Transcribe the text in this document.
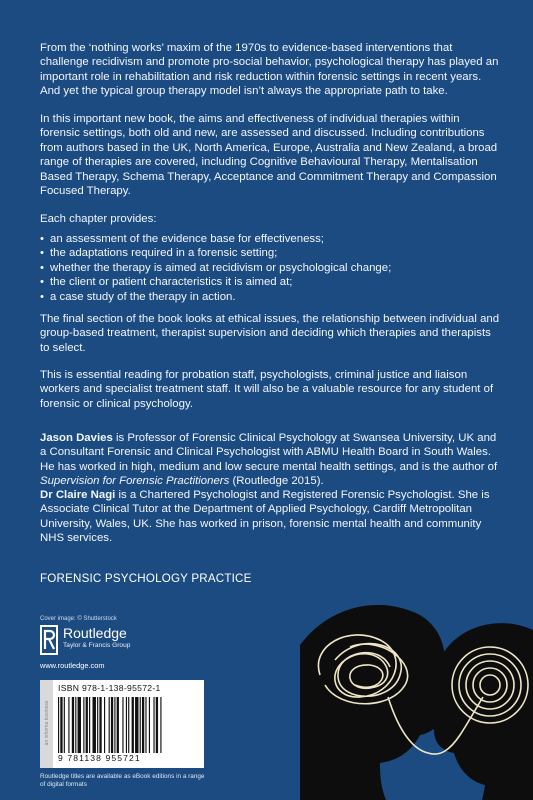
From the ‘nothing works’ maxim of the 1970s to evidence-based interventions that challenge recidivism and promote pro-social behavior, psychological therapy has played an important role in rehabilitation and risk reduction within forensic settings in recent years. And yet the typical group therapy model isn’t always the appropriate path to take.

In this important new book, the aims and effectiveness of individual therapies within forensic settings, both old and new, are assessed and discussed. Including contributions from authors based in the UK, North America, Europe, Australia and New Zealand, a broad range of therapies are covered, including Cognitive Behavioural Therapy, Mentalisation Based Therapy, Schema Therapy, Acceptance and Commitment Therapy and Compassion Focused Therapy.

Each chapter provides:

• an assessment of the evidence base for effectiveness;
• the adaptations required in a forensic setting;
• whether the therapy is aimed at recidivism or psychological change;
• the client or patient characteristics it is aimed at;
• a case study of the therapy in action.

The final section of the book looks at ethical issues, the relationship between individual and group-based treatment, therapist supervision and deciding which therapies and therapists to select.

This is essential reading for probation staff, psychologists, criminal justice and liaison workers and specialist treatment staff. It will also be a valuable resource for any student of forensic or clinical psychology.

Jason Davies is Professor of Forensic Clinical Psychology at Swansea University, UK and a Consultant Forensic and Clinical Psychologist with ABMU Health Board in South Wales. He has worked in high, medium and low secure mental health settings, and is the author of Supervision for Forensic Practitioners (Routledge 2015).

Dr Claire Nagi is a Chartered Psychologist and Registered Forensic Psychologist. She is Associate Clinical Tutor at the Department of Applied Psychology, Cardiff Metropolitan University, Wales, UK. She has worked in prison, forensic mental health and community NHS services.

FORENSIC PSYCHOLOGY PRACTICE
Cover image: © Shutterstock
Routledge
Taylor & Francis Group
www.routledge.com
an informa business
ISBN 978-1-138-95572-1
9 781138 955721
Routledge titles are available as eBook editions in a range of digital formats
